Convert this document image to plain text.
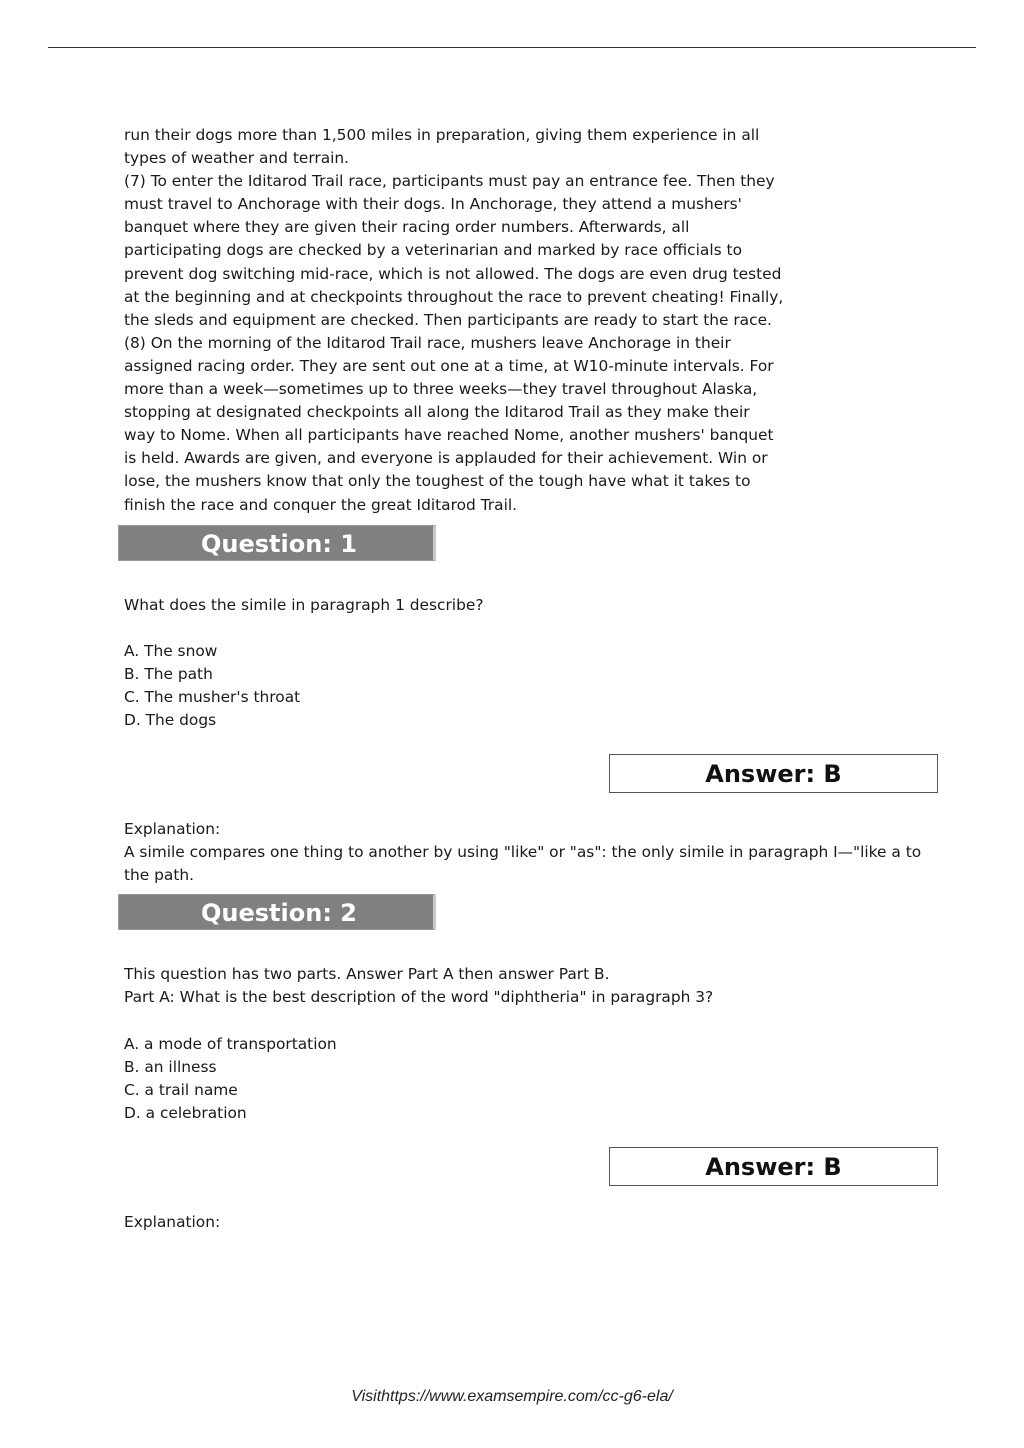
run their dogs more than 1,500 miles in preparation, giving them experience in all

types of weather and terrain.

(7) To enter the Iditarod Trail race, participants must pay an entrance fee. Then they

must travel to Anchorage with their dogs. In Anchorage, they attend a mushers'

banquet where they are given their racing order numbers. Afterwards, all

participating dogs are checked by a veterinarian and marked by race officials to

prevent dog switching mid-race, which is not allowed. The dogs are even drug tested

at the beginning and at checkpoints throughout the race to prevent cheating! Finally,

the sleds and equipment are checked. Then participants are ready to start the race.

(8) On the morning of the Iditarod Trail race, mushers leave Anchorage in their

assigned racing order. They are sent out one at a time, at W10-minute intervals. For

more than a week—sometimes up to three weeks—they travel throughout Alaska,

stopping at designated checkpoints all along the Iditarod Trail as they make their

way to Nome. When all participants have reached Nome, another mushers' banquet

is held. Awards are given, and everyone is applauded for their achievement. Win or

lose, the mushers know that only the toughest of the tough have what it takes to

finish the race and conquer the great Iditarod Trail.

Question: 1

What does the simile in paragraph 1 describe?

A. The snow

B. The path

C. The musher's throat

D. The dogs

Answer: B

Explanation:

A simile compares one thing to another by using "like" or "as": the only simile in paragraph I—"like a to

the path.

Question: 2

This question has two parts. Answer Part A then answer Part B.

Part A: What is the best description of the word "diphtheria" in paragraph 3?

A. a mode of transportation

B. an illness

C. a trail name

D. a celebration

Answer: B

Explanation:

Visithttps://www.examsempire.com/cc-g6-ela/
